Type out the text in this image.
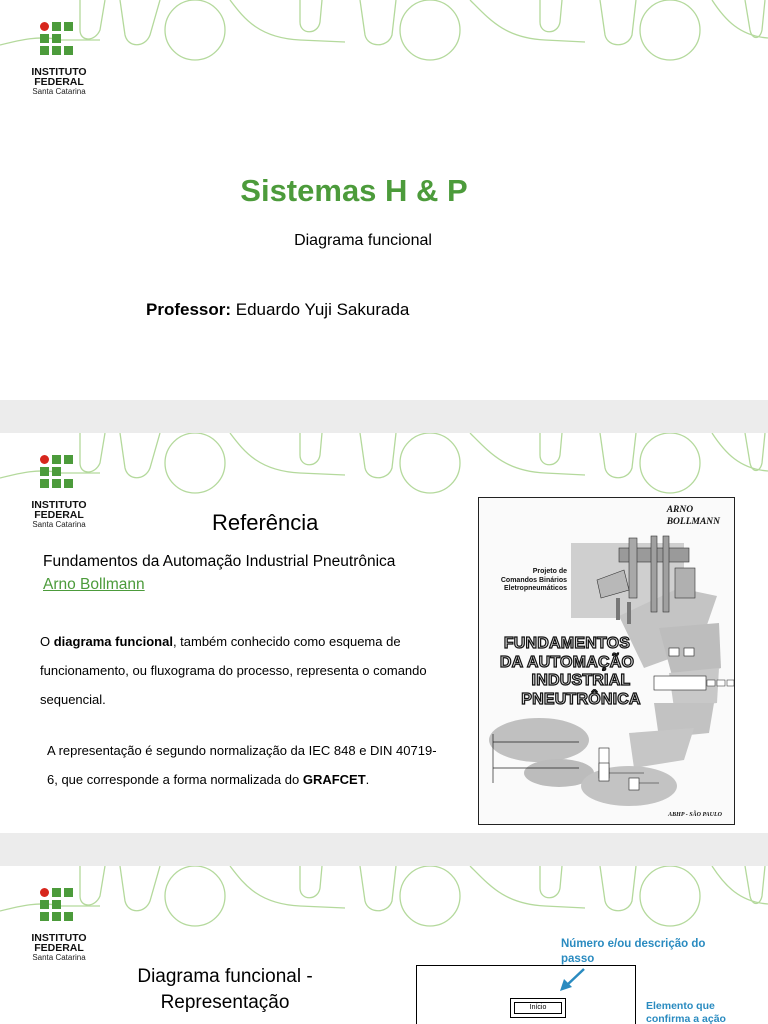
INSTITUTO
FEDERAL
Santa Catarina
Sistemas H & P
Diagrama funcional
Professor: Eduardo Yuji Sakurada
INSTITUTO
FEDERAL
Santa Catarina	Referência
Fundamentos da Automação Industrial Pneutrônica
Arno Bollmann
O diagrama funcional, também conhecido como esquema de funcionamento, ou fluxograma do processo, representa o comando sequencial.
A representação é segundo normalização da IEC 848 e DIN 40719-6, que corresponde a forma normalizada do GRAFCET.
ARNO
BOLLMANN
Projeto de
Comandos Binários
Eletropneumáticos
FUNDAMENTOS
DA AUTOMAÇÃO
INDUSTRIAL
PNEUTRÔNICA
ABHP - SÃO PAULO
INSTITUTO
FEDERAL
Santa Catarina
Diagrama funcional -
Representação	Início
Número e/ou descrição do passo
Elemento que confirma a ação
